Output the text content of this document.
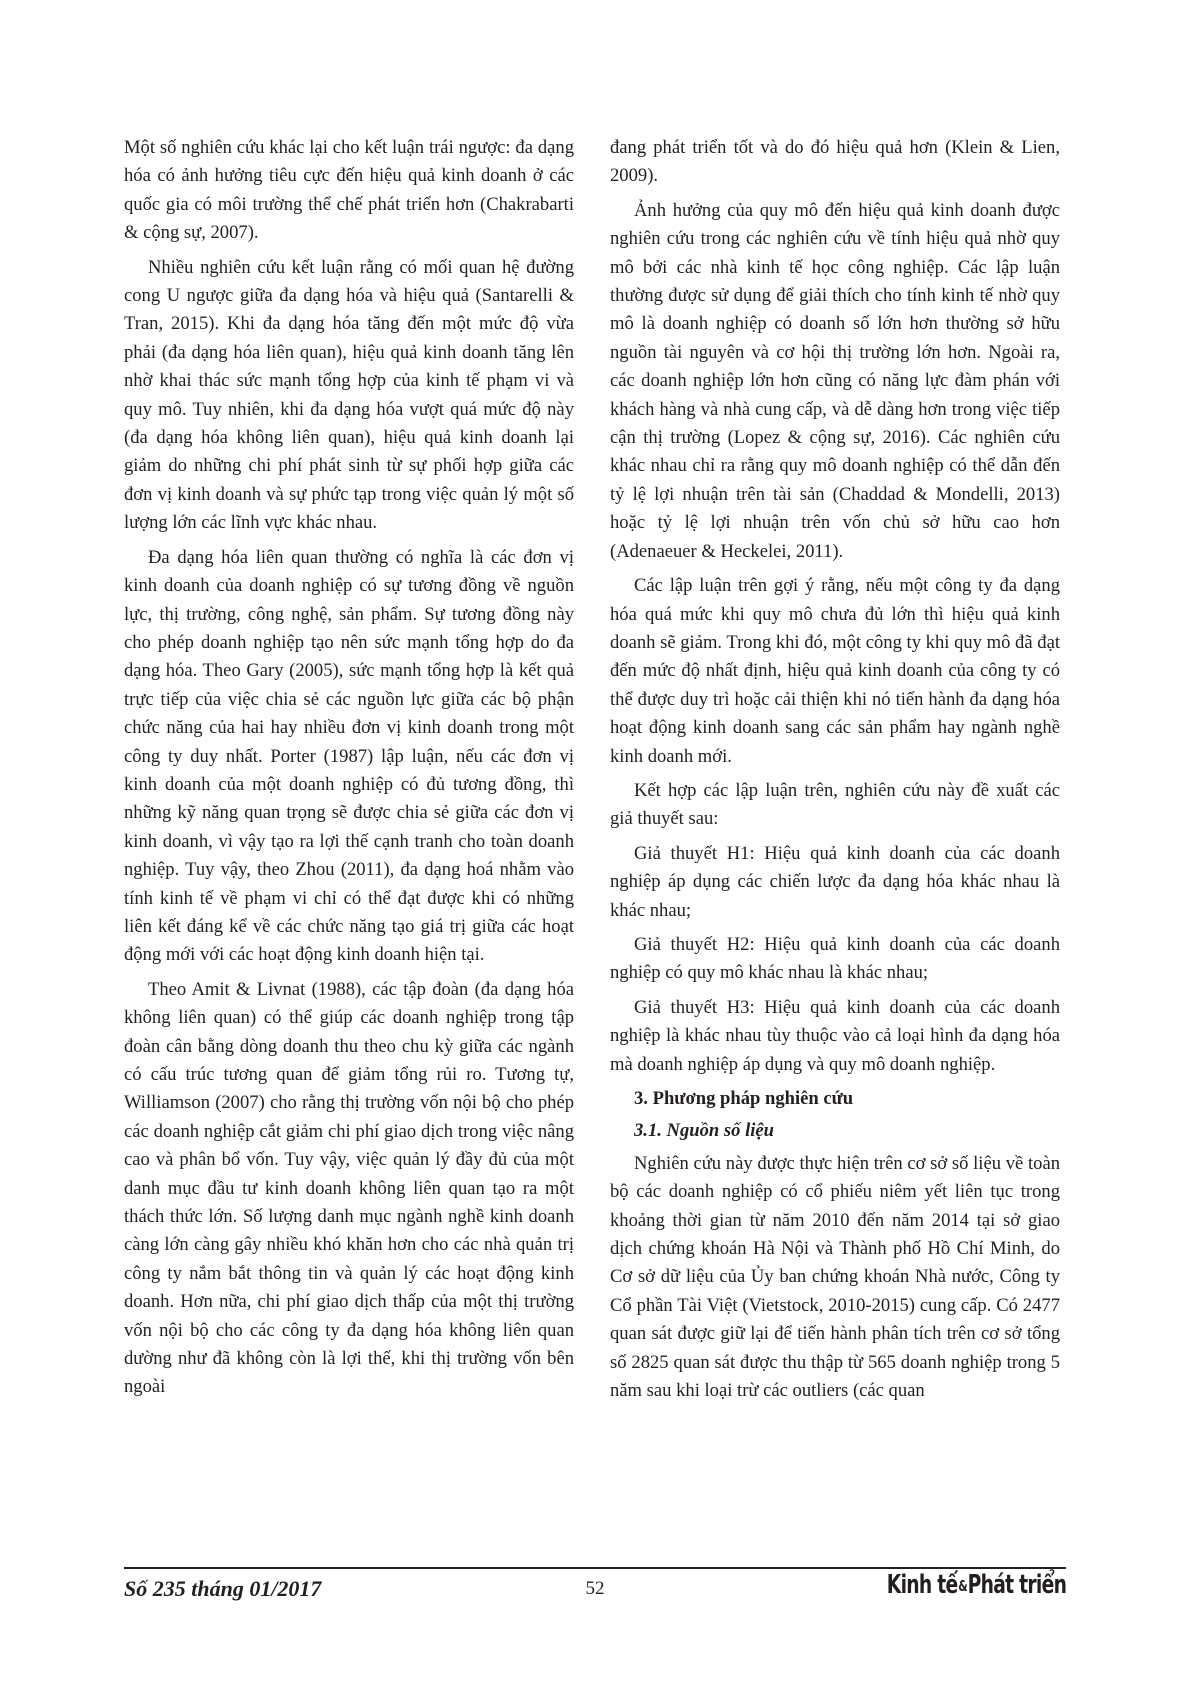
Một số nghiên cứu khác lại cho kết luận trái ngược: đa dạng hóa có ảnh hưởng tiêu cực đến hiệu quả kinh doanh ở các quốc gia có môi trường thể chế phát triển hơn (Chakrabarti & cộng sự, 2007).

Nhiều nghiên cứu kết luận rằng có mối quan hệ đường cong U ngược giữa đa dạng hóa và hiệu quả (Santarelli & Tran, 2015). Khi đa dạng hóa tăng đến một mức độ vừa phải (đa dạng hóa liên quan), hiệu quả kinh doanh tăng lên nhờ khai thác sức mạnh tổng hợp của kinh tế phạm vi và quy mô. Tuy nhiên, khi đa dạng hóa vượt quá mức độ này (đa dạng hóa không liên quan), hiệu quả kinh doanh lại giảm do những chi phí phát sinh từ sự phối hợp giữa các đơn vị kinh doanh và sự phức tạp trong việc quản lý một số lượng lớn các lĩnh vực khác nhau.

Đa dạng hóa liên quan thường có nghĩa là các đơn vị kinh doanh của doanh nghiệp có sự tương đồng về nguồn lực, thị trường, công nghệ, sản phẩm. Sự tương đồng này cho phép doanh nghiệp tạo nên sức mạnh tổng hợp do đa dạng hóa. Theo Gary (2005), sức mạnh tổng hợp là kết quả trực tiếp của việc chia sẻ các nguồn lực giữa các bộ phận chức năng của hai hay nhiều đơn vị kinh doanh trong một công ty duy nhất. Porter (1987) lập luận, nếu các đơn vị kinh doanh của một doanh nghiệp có đủ tương đồng, thì những kỹ năng quan trọng sẽ được chia sẻ giữa các đơn vị kinh doanh, vì vậy tạo ra lợi thế cạnh tranh cho toàn doanh nghiệp. Tuy vậy, theo Zhou (2011), đa dạng hoá nhằm vào tính kinh tế về phạm vi chỉ có thể đạt được khi có những liên kết đáng kể về các chức năng tạo giá trị giữa các hoạt động mới với các hoạt động kinh doanh hiện tại.

Theo Amit & Livnat (1988), các tập đoàn (đa dạng hóa không liên quan) có thể giúp các doanh nghiệp trong tập đoàn cân bằng dòng doanh thu theo chu kỳ giữa các ngành có cấu trúc tương quan để giảm tổng rủi ro. Tương tự, Williamson (2007) cho rằng thị trường vốn nội bộ cho phép các doanh nghiệp cắt giảm chi phí giao dịch trong việc nâng cao và phân bổ vốn. Tuy vậy, việc quản lý đầy đủ của một danh mục đầu tư kinh doanh không liên quan tạo ra một thách thức lớn. Số lượng danh mục ngành nghề kinh doanh càng lớn càng gây nhiều khó khăn hơn cho các nhà quản trị công ty nắm bắt thông tin và quản lý các hoạt động kinh doanh. Hơn nữa, chi phí giao dịch thấp của một thị trường vốn nội bộ cho các công ty đa dạng hóa không liên quan dường như đã không còn là lợi thế, khi thị trường vốn bên ngoài

đang phát triển tốt và do đó hiệu quả hơn (Klein & Lien, 2009).

Ảnh hưởng của quy mô đến hiệu quả kinh doanh được nghiên cứu trong các nghiên cứu về tính hiệu quả nhờ quy mô bởi các nhà kinh tế học công nghiệp. Các lập luận thường được sử dụng để giải thích cho tính kinh tế nhờ quy mô là doanh nghiệp có doanh số lớn hơn thường sở hữu nguồn tài nguyên và cơ hội thị trường lớn hơn. Ngoài ra, các doanh nghiệp lớn hơn cũng có năng lực đàm phán với khách hàng và nhà cung cấp, và dễ dàng hơn trong việc tiếp cận thị trường (Lopez & cộng sự, 2016). Các nghiên cứu khác nhau chỉ ra rằng quy mô doanh nghiệp có thể dẫn đến tỷ lệ lợi nhuận trên tài sản (Chaddad & Mondelli, 2013) hoặc tỷ lệ lợi nhuận trên vốn chủ sở hữu cao hơn (Adenaeuer & Heckelei, 2011).

Các lập luận trên gợi ý rằng, nếu một công ty đa dạng hóa quá mức khi quy mô chưa đủ lớn thì hiệu quả kinh doanh sẽ giảm. Trong khi đó, một công ty khi quy mô đã đạt đến mức độ nhất định, hiệu quả kinh doanh của công ty có thể được duy trì hoặc cải thiện khi nó tiến hành đa dạng hóa hoạt động kinh doanh sang các sản phẩm hay ngành nghề kinh doanh mới.

Kết hợp các lập luận trên, nghiên cứu này đề xuất các giả thuyết sau:

Giả thuyết H1: Hiệu quả kinh doanh của các doanh nghiệp áp dụng các chiến lược đa dạng hóa khác nhau là khác nhau;

Giả thuyết H2: Hiệu quả kinh doanh của các doanh nghiệp có quy mô khác nhau là khác nhau;

Giả thuyết H3: Hiệu quả kinh doanh của các doanh nghiệp là khác nhau tùy thuộc vào cả loại hình đa dạng hóa mà doanh nghiệp áp dụng và quy mô doanh nghiệp.

3. Phương pháp nghiên cứu
3.1. Nguồn số liệu

Nghiên cứu này được thực hiện trên cơ sở số liệu về toàn bộ các doanh nghiệp có cổ phiếu niêm yết liên tục trong khoảng thời gian từ năm 2010 đến năm 2014 tại sở giao dịch chứng khoán Hà Nội và Thành phố Hồ Chí Minh, do Cơ sở dữ liệu của Ủy ban chứng khoán Nhà nước, Công ty Cổ phần Tài Việt (Vietstock, 2010-2015) cung cấp. Có 2477 quan sát được giữ lại để tiến hành phân tích trên cơ sở tổng số 2825 quan sát được thu thập từ 565 doanh nghiệp trong 5 năm sau khi loại trừ các outliers (các quan

Số 235 tháng 01/2017	52	Kinh tế&Phát triển
